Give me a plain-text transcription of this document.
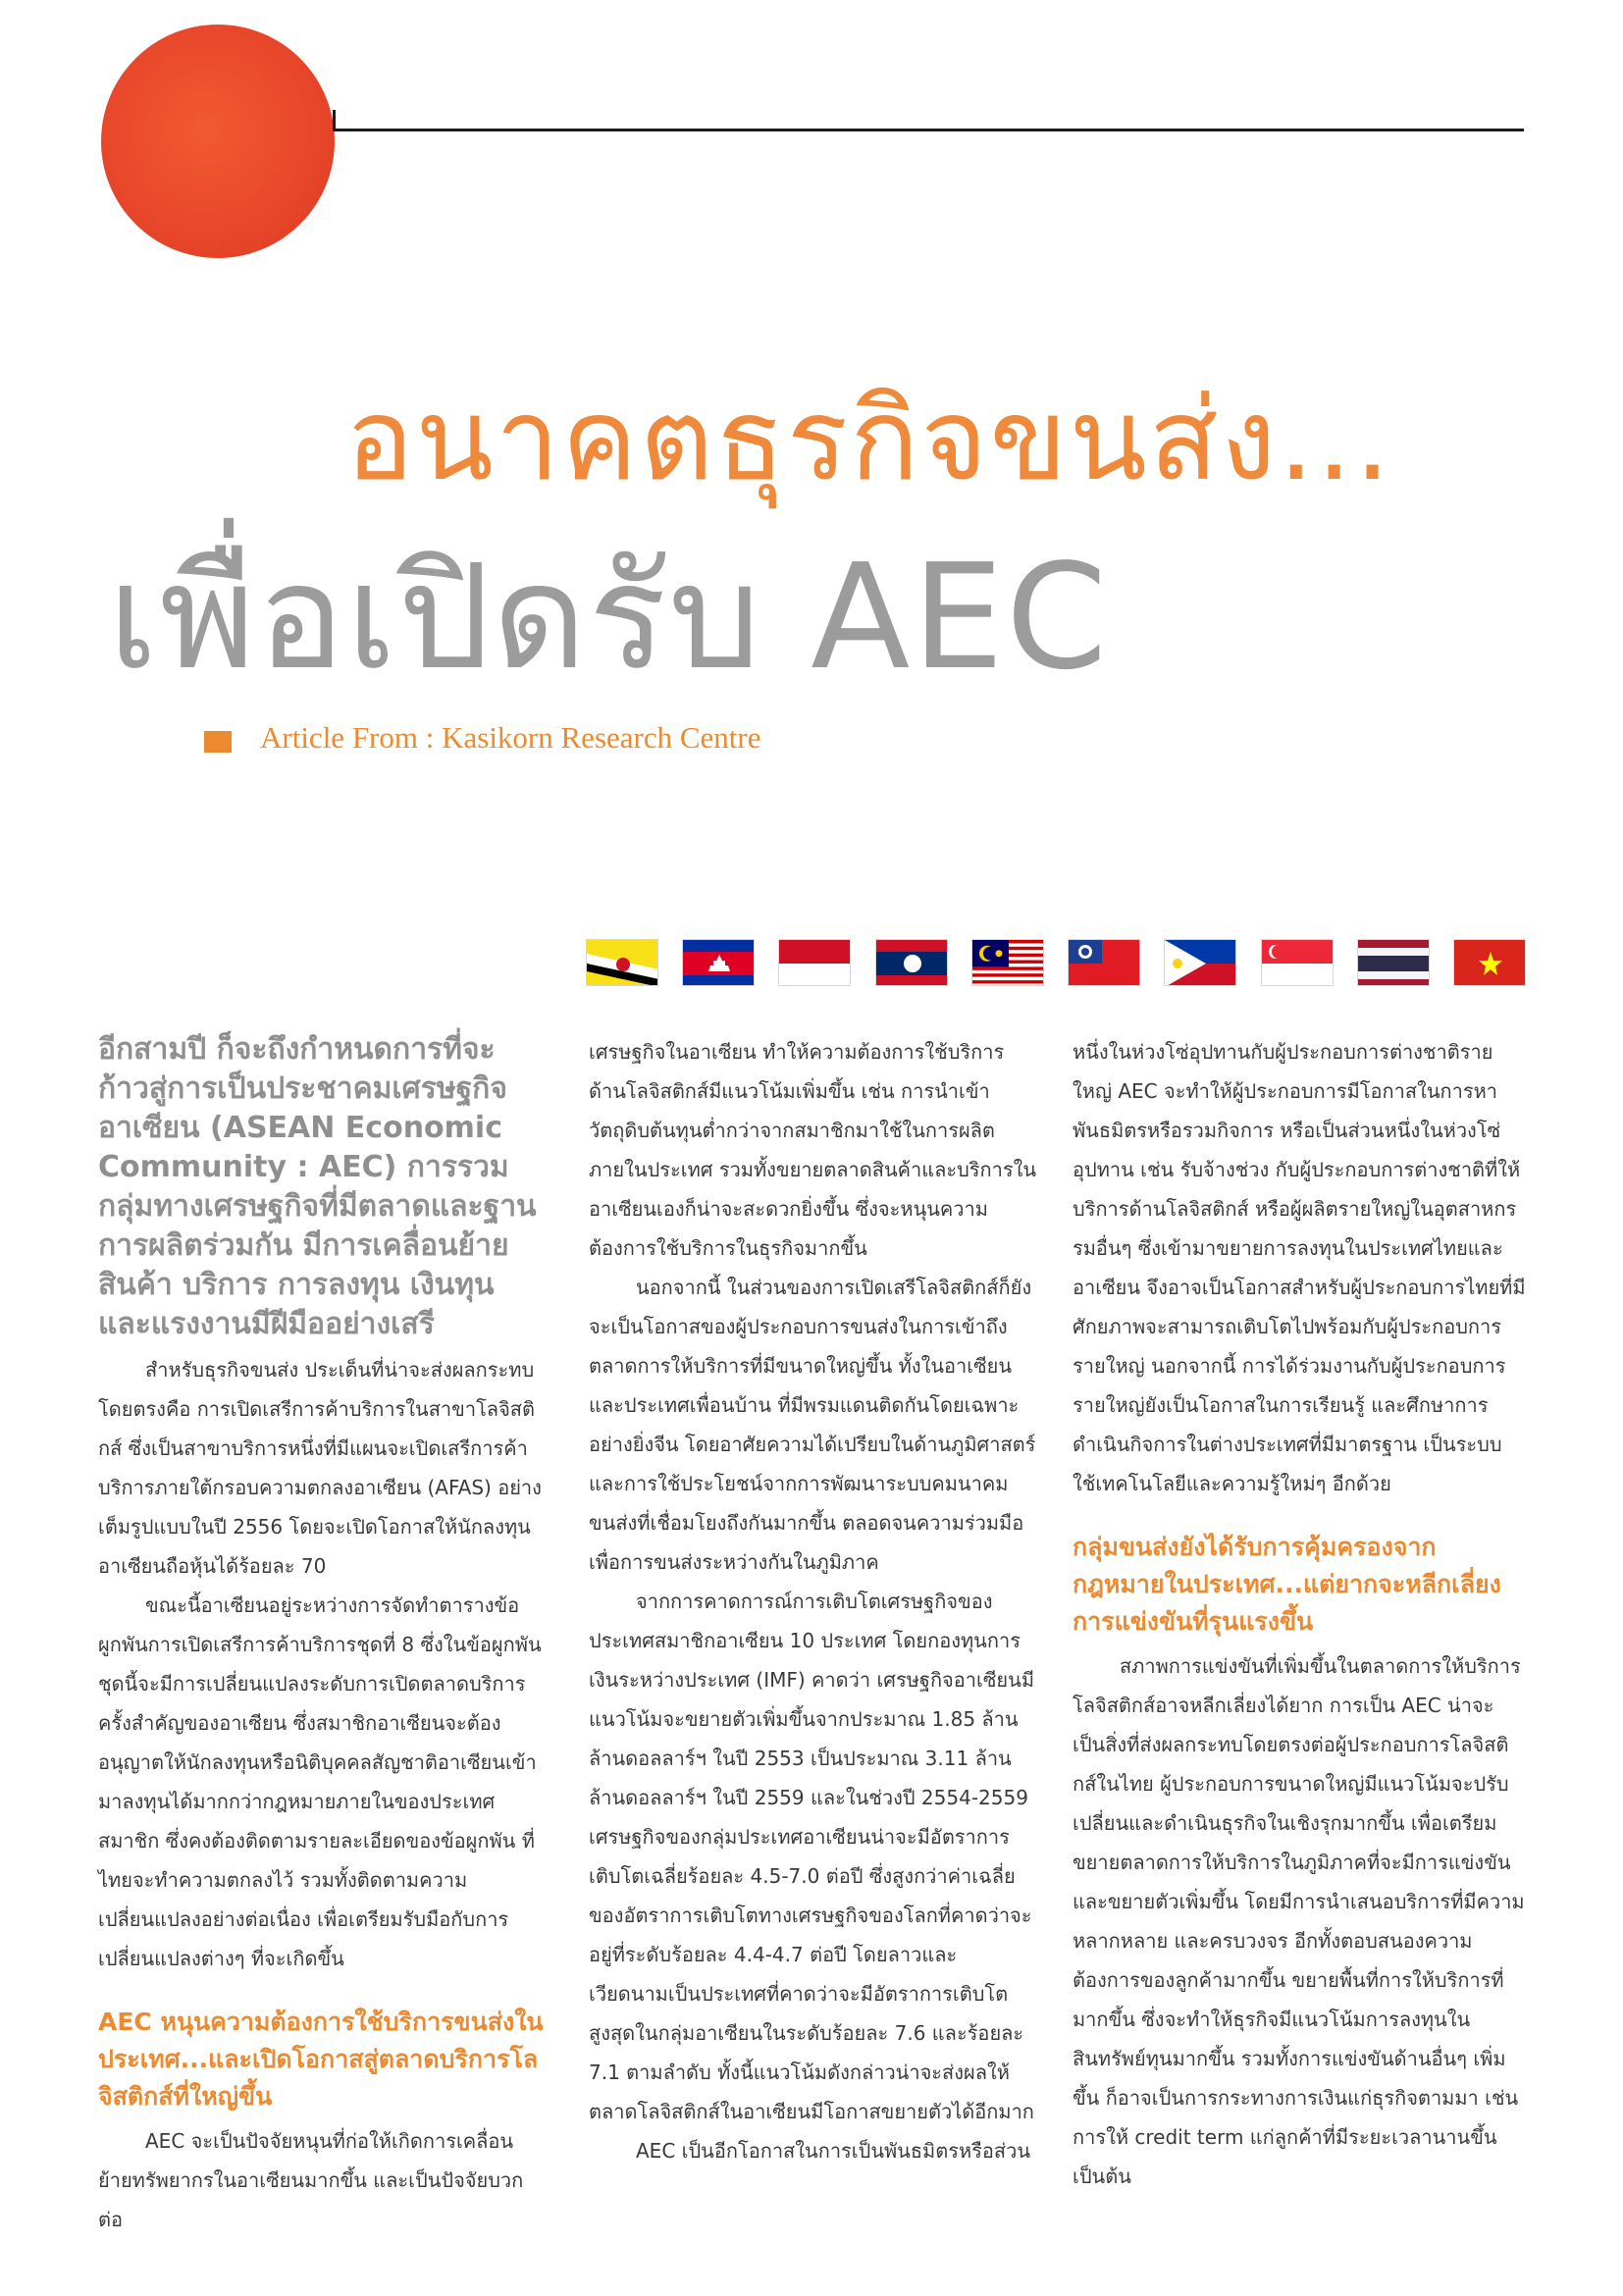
อนาคตธุรกิจขนส่ง...
เพื่อเปิดรับ AEC
Article From : Kasikorn Research Centre

อีกสามปี ก็จะถึงกำหนดการที่จะก้าวสู่การเป็นประชาคมเศรษฐกิจอาเซียน (ASEAN Economic Community : AEC) การรวมกลุ่มทางเศรษฐกิจที่มีตลาดและฐานการผลิตร่วมกัน มีการเคลื่อนย้ายสินค้า บริการ การลงทุน เงินทุน และแรงงานมีฝีมืออย่างเสรี

สำหรับธุรกิจขนส่ง ประเด็นที่น่าจะส่งผลกระทบโดยตรงคือ การเปิดเสรีการค้าบริการในสาขาโลจิสติกส์ ซึ่งเป็นสาขาบริการหนึ่งที่มีแผนจะเปิดเสรีการค้าบริการภายใต้กรอบความตกลงอาเซียน (AFAS) อย่างเต็มรูปแบบในปี 2556 โดยจะเปิดโอกาสให้นักลงทุนอาเซียนถือหุ้นได้ร้อยละ 70

ขณะนี้อาเซียนอยู่ระหว่างการจัดทำตารางข้อผูกพันการเปิดเสรีการค้าบริการชุดที่ 8 ซึ่งในข้อผูกพันชุดนี้จะมีการเปลี่ยนแปลงระดับการเปิดตลาดบริการครั้งสำคัญของอาเซียน ซึ่งสมาชิกอาเซียนจะต้องอนุญาตให้นักลงทุนหรือนิติบุคคลสัญชาติอาเซียนเข้ามาลงทุนได้มากกว่ากฎหมายภายในของประเทศสมาชิก ซึ่งคงต้องติดตามรายละเอียดของข้อผูกพัน ที่ไทยจะทำความตกลงไว้ รวมทั้งติดตามความเปลี่ยนแปลงอย่างต่อเนื่อง เพื่อเตรียมรับมือกับการเปลี่ยนแปลงต่างๆ ที่จะเกิดขึ้น

AEC หนุนความต้องการใช้บริการขนส่งในประเทศ...และเปิดโอกาสสู่ตลาดบริการโลจิสติกส์ที่ใหญ่ขึ้น

AEC จะเป็นปัจจัยหนุนที่ก่อให้เกิดการเคลื่อนย้ายทรัพยากรในอาเซียนมากขึ้น และเป็นปัจจัยบวกต่อ

เศรษฐกิจในอาเซียน ทำให้ความต้องการใช้บริการด้านโลจิสติกส์มีแนวโน้มเพิ่มขึ้น เช่น การนำเข้าวัตถุดิบต้นทุนต่ำกว่าจากสมาชิกมาใช้ในการผลิตภายในประเทศ รวมทั้งขยายตลาดสินค้าและบริการในอาเซียนเองก็น่าจะสะดวกยิ่งขึ้น ซึ่งจะหนุนความต้องการใช้บริการในธุรกิจมากขึ้น

นอกจากนี้ ในส่วนของการเปิดเสรีโลจิสติกส์ก็ยังจะเป็นโอกาสของผู้ประกอบการขนส่งในการเข้าถึงตลาดการให้บริการที่มีขนาดใหญ่ขึ้น ทั้งในอาเซียนและประเทศเพื่อนบ้าน ที่มีพรมแดนติดกันโดยเฉพาะอย่างยิ่งจีน โดยอาศัยความได้เปรียบในด้านภูมิศาสตร์และการใช้ประโยชน์จากการพัฒนาระบบคมนาคมขนส่งที่เชื่อมโยงถึงกันมากขึ้น ตลอดจนความร่วมมือเพื่อการขนส่งระหว่างกันในภูมิภาค

จากการคาดการณ์การเติบโตเศรษฐกิจของประเทศสมาชิกอาเซียน 10 ประเทศ โดยกองทุนการเงินระหว่างประเทศ (IMF) คาดว่า เศรษฐกิจอาเซียนมีแนวโน้มจะขยายตัวเพิ่มขึ้นจากประมาณ 1.85 ล้านล้านดอลลาร์ฯ ในปี 2553 เป็นประมาณ 3.11 ล้านล้านดอลลาร์ฯ ในปี 2559 และในช่วงปี 2554-2559 เศรษฐกิจของกลุ่มประเทศอาเซียนน่าจะมีอัตราการเติบโตเฉลี่ยร้อยละ 4.5-7.0 ต่อปี ซึ่งสูงกว่าค่าเฉลี่ยของอัตราการเติบโตทางเศรษฐกิจของโลกที่คาดว่าจะอยู่ที่ระดับร้อยละ 4.4-4.7 ต่อปี โดยลาวและ เวียดนามเป็นประเทศที่คาดว่าจะมีอัตราการเติบโตสูงสุดในกลุ่มอาเซียนในระดับร้อยละ 7.6 และร้อยละ 7.1 ตามลำดับ ทั้งนี้แนวโน้มดังกล่าวน่าจะส่งผลให้ตลาดโลจิสติกส์ในอาเซียนมีโอกาสขยายตัวได้อีกมาก

AEC เป็นอีกโอกาสในการเป็นพันธมิตรหรือส่วน

หนึ่งในห่วงโซ่อุปทานกับผู้ประกอบการต่างชาติรายใหญ่ AEC จะทำให้ผู้ประกอบการมีโอกาสในการหาพันธมิตรหรือรวมกิจการ หรือเป็นส่วนหนึ่งในห่วงโซ่อุปทาน เช่น รับจ้างช่วง กับผู้ประกอบการต่างชาติที่ให้บริการด้านโลจิสติกส์ หรือผู้ผลิตรายใหญ่ในอุตสาหกรรมอื่นๆ ซึ่งเข้ามาขยายการลงทุนในประเทศไทยและอาเซียน จึงอาจเป็นโอกาสสำหรับผู้ประกอบการไทยที่มีศักยภาพจะสามารถเติบโตไปพร้อมกับผู้ประกอบการรายใหญ่ นอกจากนี้ การได้ร่วมงานกับผู้ประกอบการรายใหญ่ยังเป็นโอกาสในการเรียนรู้ และศึกษาการดำเนินกิจการในต่างประเทศที่มีมาตรฐาน เป็นระบบ ใช้เทคโนโลยีและความรู้ใหม่ๆ อีกด้วย

กลุ่มขนส่งยังได้รับการคุ้มครองจากกฎหมายในประเทศ...แต่ยากจะหลีกเลี่ยงการแข่งขันที่รุนแรงขึ้น

สภาพการแข่งขันที่เพิ่มขึ้นในตลาดการให้บริการโลจิสติกส์อาจหลีกเลี่ยงได้ยาก การเป็น AEC น่าจะเป็นสิ่งที่ส่งผลกระทบโดยตรงต่อผู้ประกอบการโลจิสติกส์ในไทย ผู้ประกอบการขนาดใหญ่มีแนวโน้มจะปรับเปลี่ยนและดำเนินธุรกิจในเชิงรุกมากขึ้น เพื่อเตรียมขยายตลาดการให้บริการในภูมิภาคที่จะมีการแข่งขันและขยายตัวเพิ่มขึ้น โดยมีการนำเสนอบริการที่มีความหลากหลาย และครบวงจร อีกทั้งตอบสนองความต้องการของลูกค้ามากขึ้น ขยายพื้นที่การให้บริการที่มากขึ้น ซึ่งจะทำให้ธุรกิจมีแนวโน้มการลงทุนในสินทรัพย์ทุนมากขึ้น รวมทั้งการแข่งขันด้านอื่นๆ เพิ่มขึ้น ก็อาจเป็นการกระทางการเงินแก่ธุรกิจตามมา เช่น การให้ credit term แก่ลูกค้าที่มีระยะเวลานานขึ้น เป็นต้น
